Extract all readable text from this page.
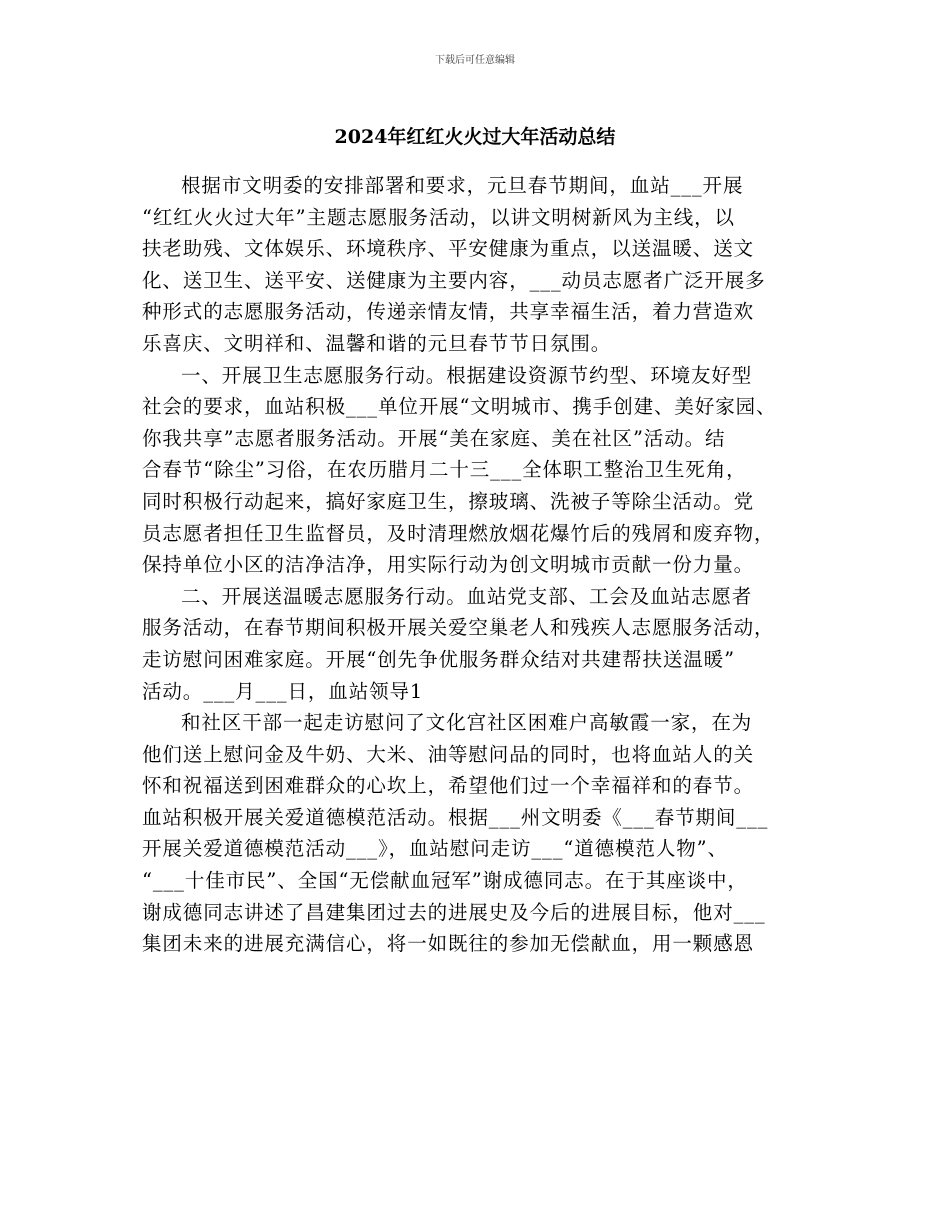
下载后可任意编辑
2024年红红火火过大年活动总结

根据市文明委的安排部署和要求，元旦春节期间，血站___开展
“红红火火过大年”主题志愿服务活动，以讲文明树新风为主线，以
扶老助残、文体娱乐、环境秩序、平安健康为重点，以送温暖、送文
化、送卫生、送平安、送健康为主要内容，___动员志愿者广泛开展多
种形式的志愿服务活动，传递亲情友情，共享幸福生活，着力营造欢
乐喜庆、文明祥和、温馨和谐的元旦春节节日氛围。

一、开展卫生志愿服务行动。根据建设资源节约型、环境友好型
社会的要求，血站积极___单位开展“文明城市、携手创建、美好家园、
你我共享”志愿者服务活动。开展“美在家庭、美在社区”活动。结
合春节“除尘”习俗，在农历腊月二十三___全体职工整治卫生死角，
同时积极行动起来，搞好家庭卫生，擦玻璃、洗被子等除尘活动。党
员志愿者担任卫生监督员，及时清理燃放烟花爆竹后的残屑和废弃物，
保持单位小区的洁净洁净，用实际行动为创文明城市贡献一份力量。

二、开展送温暖志愿服务行动。血站党支部、工会及血站志愿者
服务活动，在春节期间积极开展关爱空巢老人和残疾人志愿服务活动，
走访慰问困难家庭。开展“创先争优服务群众结对共建帮扶送温暖”
活动。___月___日，血站领导1

和社区干部一起走访慰问了文化宫社区困难户高敏霞一家，在为
他们送上慰问金及牛奶、大米、油等慰问品的同时，也将血站人的关
怀和祝福送到困难群众的心坎上，希望他们过一个幸福祥和的春节。
血站积极开展关爱道德模范活动。根据___州文明委《___春节期间___
开展关爱道德模范活动___》，血站慰问走访___“道德模范人物”、
“___十佳市民”、全国“无偿献血冠军”谢成德同志。在于其座谈中，
谢成德同志讲述了昌建集团过去的进展史及今后的进展目标，他对___
集团未来的进展充满信心，将一如既往的参加无偿献血，用一颗感恩
